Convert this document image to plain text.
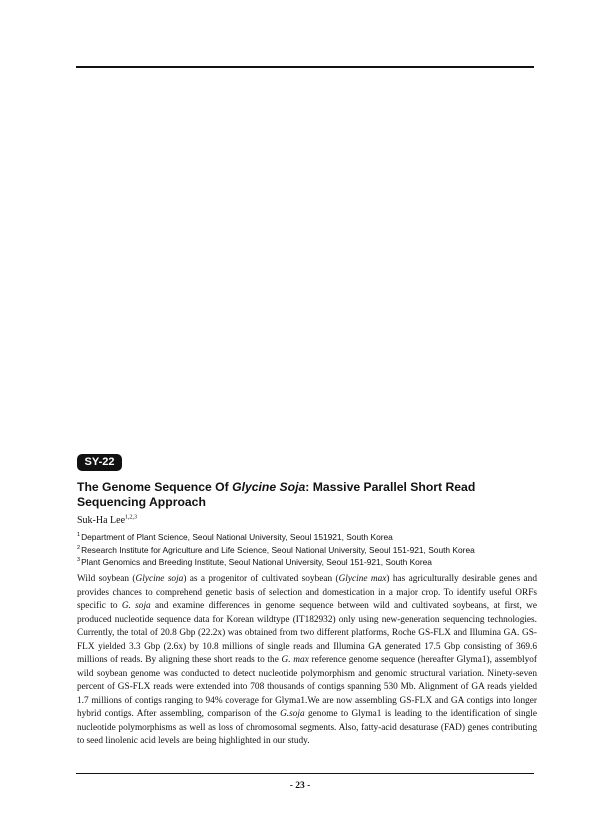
SY-22
The Genome Sequence Of Glycine Soja: Massive Parallel Short Read Sequencing Approach
Suk-Ha Lee$^{1,2,3}$
$^1$Department of Plant Science, Seoul National University, Seoul 151921, South Korea
$^2$Research Institute for Agriculture and Life Science, Seoul National University, Seoul 151-921, South Korea
$^3$Plant Genomics and Breeding Institute, Seoul National University, Seoul 151-921, South Korea

Wild soybean (Glycine soja) as a progenitor of cultivated soybean (Glycine max) has agriculturally desirable genes and provides chances to comprehend genetic basis of selection and domestication in a major crop. To identify useful ORFs specific to G. soja and examine differences in genome sequence between wild and cultivated soybeans, at first, we produced nucleotide sequence data for Korean wildtype (IT182932) only using new-generation sequencing technologies. Currently, the total of 20.8 Gbp (22.2x) was obtained from two different platforms, Roche GS-FLX and Illumina GA. GS-FLX yielded 3.3 Gbp (2.6x) by 10.8 millions of single reads and Illumina GA generated 17.5 Gbp consisting of 369.6 millions of reads. By aligning these short reads to the G. max reference genome sequence (hereafter Glyma1), assemblyof wild soybean genome was conducted to detect nucleotide polymorphism and genomic structural variation. Ninety-seven percent of GS-FLX reads were extended into 708 thousands of contigs spanning 530 Mb. Alignment of GA reads yielded 1.7 millions of contigs ranging to 94% coverage for Glyma1.We are now assembling GS-FLX and GA contigs into longer hybrid contigs. After assembling, comparison of the G.soja genome to Glyma1 is leading to the identification of single nucleotide polymorphisms as well as loss of chromosomal segments. Also, fatty-acid desaturase (FAD) genes contributing to seed linolenic acid levels are being highlighted in our study.

- 23 -
